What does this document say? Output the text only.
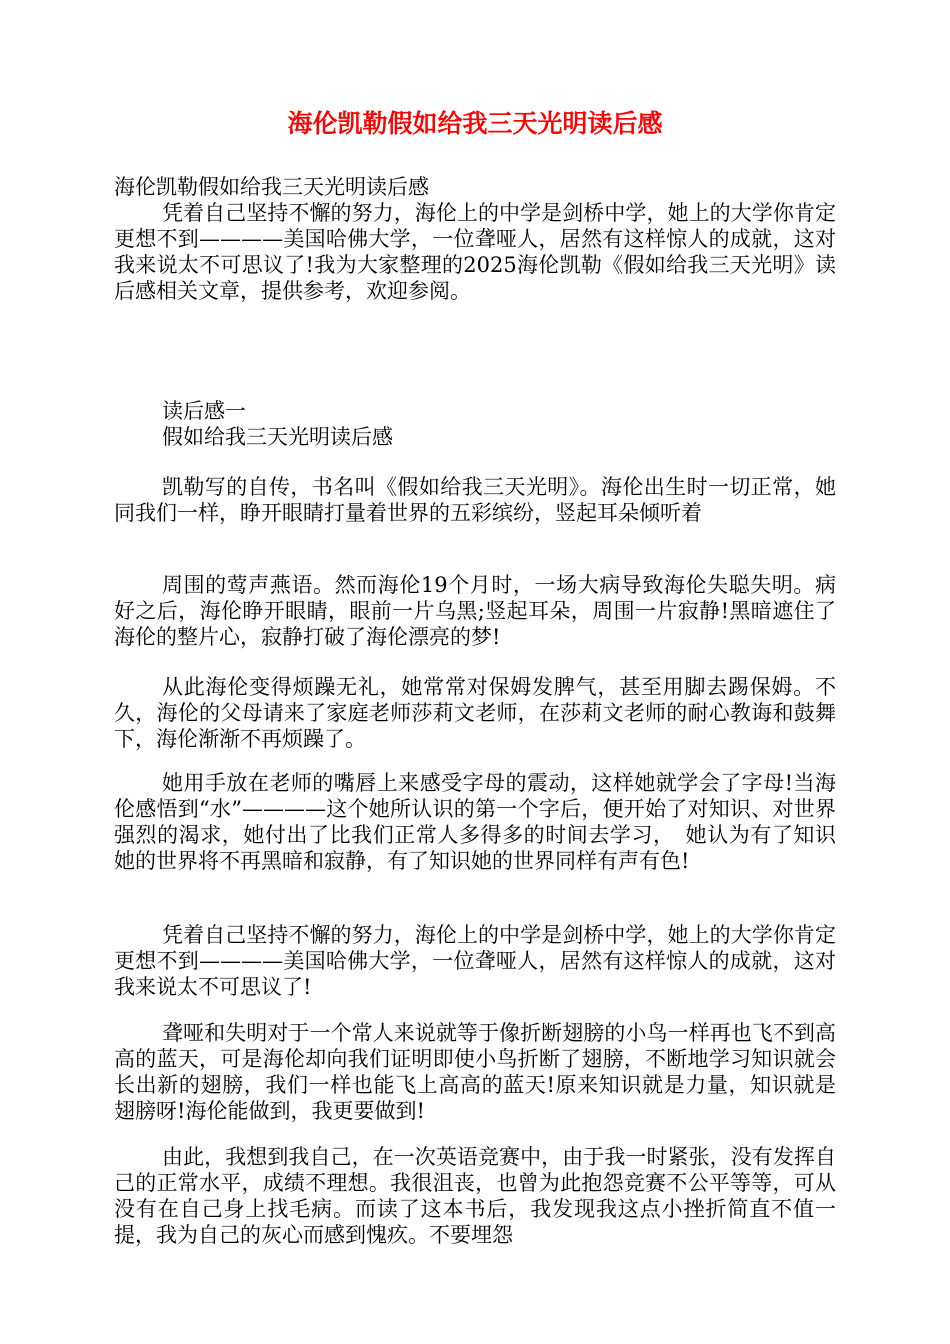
海伦凯勒假如给我三天光明读后感

海伦凯勒假如给我三天光明读后感

凭着自己坚持不懈的努力，海伦上的中学是剑桥中学，她上的大学你肯定更想不到————美国哈佛大学，一位聋哑人，居然有这样惊人的成就，这对我来说太不可思议了!我为大家整理的2025海伦凯勒《假如给我三天光明》读后感相关文章，提供参考，欢迎参阅。

读后感一

假如给我三天光明读后感

凯勒写的自传，书名叫《假如给我三天光明》。海伦出生时一切正常，她同我们一样，睁开眼睛打量着世界的五彩缤纷，竖起耳朵倾听着

周围的莺声燕语。然而海伦19个月时，一场大病导致海伦失聪失明。病好之后，海伦睁开眼睛，眼前一片乌黑;竖起耳朵，周围一片寂静!黑暗遮住了海伦的整片心，寂静打破了海伦漂亮的梦!

从此海伦变得烦躁无礼，她常常对保姆发脾气，甚至用脚去踢保姆。不久，海伦的父母请来了家庭老师莎莉文老师，在莎莉文老师的耐心教诲和鼓舞下，海伦渐渐不再烦躁了。

她用手放在老师的嘴唇上来感受字母的震动，这样她就学会了字母!当海伦感悟到“水”————这个她所认识的第一个字后，便开始了对知识、对世界强烈的渴求，她付出了比我们正常人多得多的时间去学习，　她认为有了知识她的世界将不再黑暗和寂静，有了知识她的世界同样有声有色!

凭着自己坚持不懈的努力，海伦上的中学是剑桥中学，她上的大学你肯定更想不到————美国哈佛大学，一位聋哑人，居然有这样惊人的成就，这对我来说太不可思议了!

聋哑和失明对于一个常人来说就等于像折断翅膀的小鸟一样再也飞不到高高的蓝天，可是海伦却向我们证明即使小鸟折断了翅膀，不断地学习知识就会长出新的翅膀，我们一样也能飞上高高的蓝天!原来知识就是力量，知识就是翅膀呀!海伦能做到，我更要做到!

由此，我想到我自己，在一次英语竞赛中，由于我一时紧张，没有发挥自己的正常水平，成绩不理想。我很沮丧，也曾为此抱怨竞赛不公平等等，可从没有在自己身上找毛病。而读了这本书后，我发现我这点小挫折简直不值一提，我为自己的灰心而感到愧疚。不要埋怨
